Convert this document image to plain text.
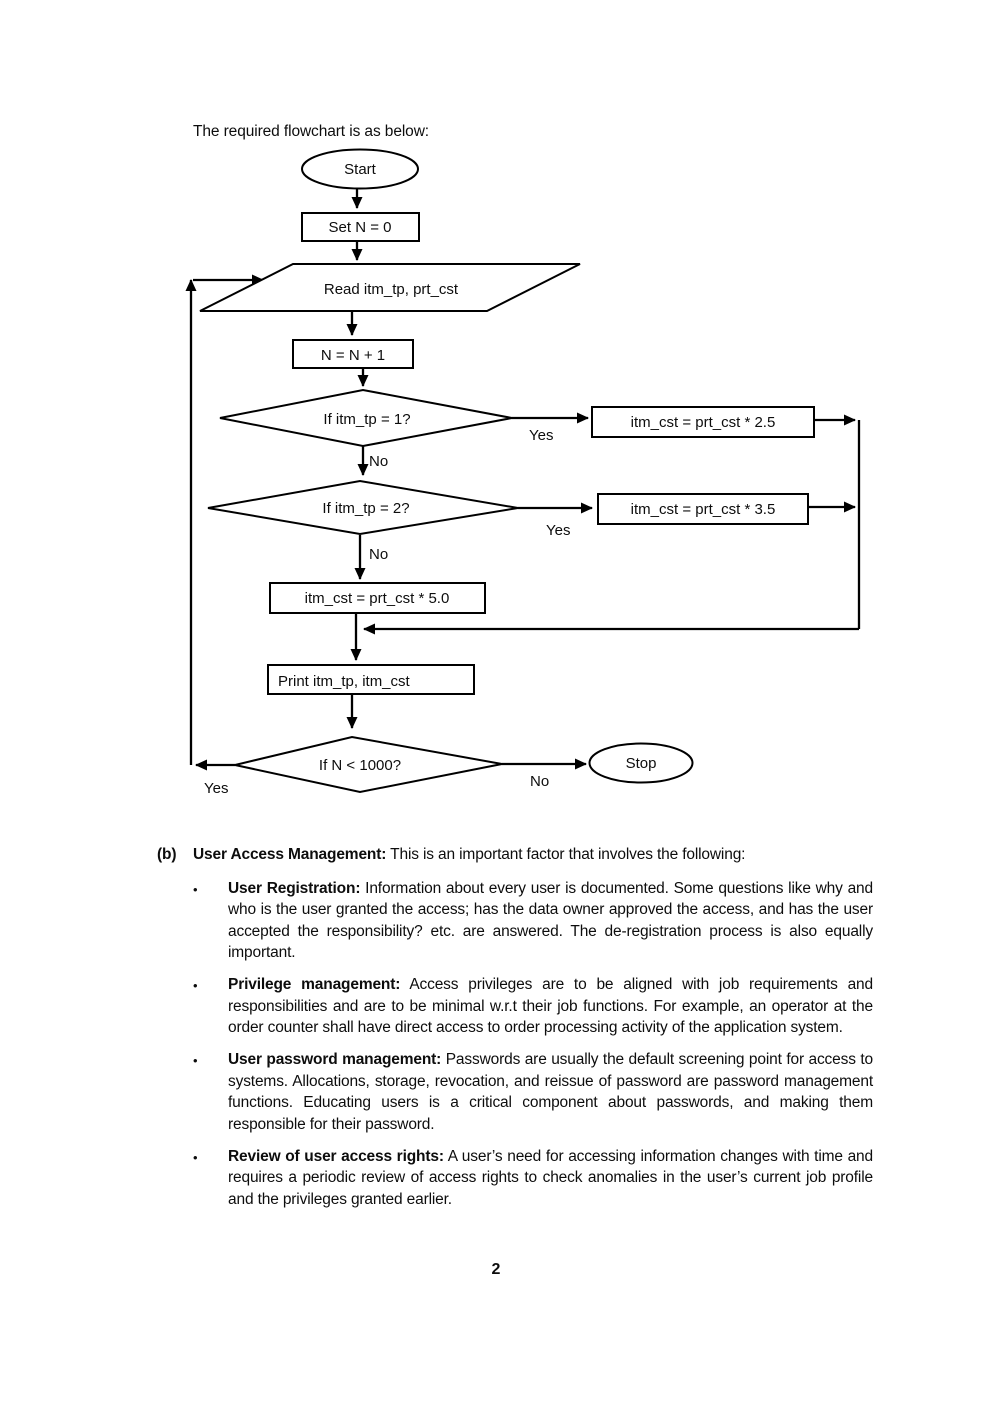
The required flowchart is as below:
Start
Set N = 0
Read itm_tp, prt_cst
N = N + 1
If itm_tp = 1?
Yes
No
itm_cst = prt_cst * 2.5
If itm_tp = 2?
Yes
No
itm_cst = prt_cst * 3.5
itm_cst = prt_cst * 5.0
Print itm_tp, itm_cst
If N < 1000?
Yes	No
Stop
(b)	User Access Management: This is an important factor that involves the following:
•	User Registration: Information about every user is documented. Some questions like why and who is the user granted the access; has the data owner approved the access, and has the user accepted the responsibility? etc. are answered. The de-registration process is also equally important.

•	Privilege management: Access privileges are to be aligned with job requirements and responsibilities and are to be minimal w.r.t their job functions. For example, an operator at the order counter shall have direct access to order processing activity of the application system.

•	User password management: Passwords are usually the default screening point for access to systems. Allocations, storage, revocation, and reissue of password are password management functions. Educating users is a critical component about passwords, and making them responsible for their password.

•	Review of user access rights: A user’s need for accessing information changes with time and requires a periodic review of access rights to check anomalies in the user’s current job profile and the privileges granted earlier.

2
